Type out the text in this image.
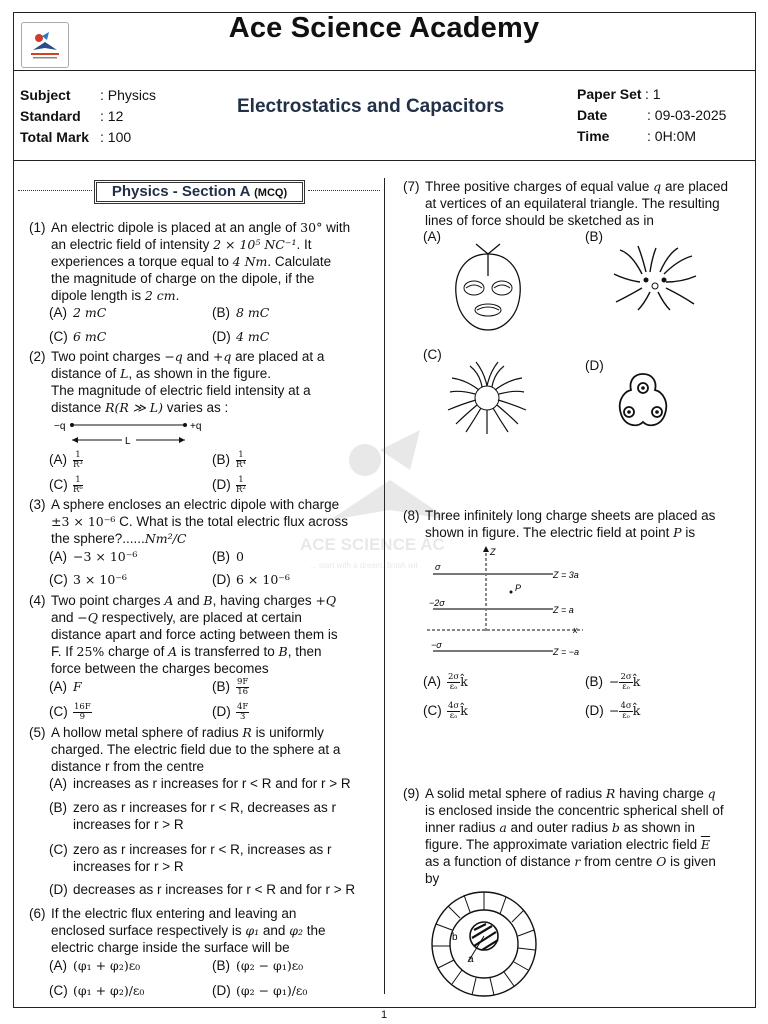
Ace Science Academy
Subject : Physics
Standard : 12
Total Mark : 100
Electrostatics and Capacitors
Paper Set : 1
Date	: 09-03-2025
Time	: 0H:0M
ACE SCIENCE AC
... start with a dream, finish wit
Physics - Section A (MCQ)
(1) An electric dipole is placed at an angle of 30° with
an electric field of intensity 2 × 10⁵ NC⁻¹. It
experiences a torque equal to 4 Nm. Calculate
the magnitude of charge on the dipole, if the
dipole length is 2 cm.
(A) 2 mC	(B) 8 mC
(C) 6 mC	(D) 4 mC
(2) Two point charges −q and +q are placed at a
distance of L, as shown in the figure.
The magnitude of electric field intensity at a
distance R(R ≫ L) varies as :
−q	+q
L
$(A) \frac{1}{\text{R³}}$	$(B) \frac{1}{\text{R⁴}}$
$(C) \frac{1}{\text{R⁶}}$	$(D) \frac{1}{\text{R²}}$
(3) A sphere encloses an electric dipole with charge
±3 × 10⁻⁶ C. What is the total electric flux across
the sphere?......Nm²/C
(A) −3 × 10⁻⁶	(B) 0
(C) 3 × 10⁻⁶	(D) 6 × 10⁻⁶
(4) Two point charges A and B, having charges +Q
and −Q respectively, are placed at certain
distance apart and force acting between them is
F. If 25% charge of A is transferred to B, then
force between the charges becomes
(A) F	$(B) \frac{9F}{16}$
$(C) \frac{16F}{9}$	$(D) \frac{4F}{3}$
(5) A hollow metal sphere of radius R is uniformly
charged. The electric field due to the sphere at a
distance r from the centre
(A) increases as r increases for r < R and for r > R
(B) zero as r increases for r < R, decreases as r
increases for r > R
(C) zero as r increases for r < R, increases as r
increases for r > R
(D) decreases as r increases for r < R and for r > R
(6) If the electric flux entering and leaving an
enclosed surface respectively is φ₁ and φ₂ the
electric charge inside the surface will be
(A) (φ₁ + φ₂)ε₀	(B) (φ₂ − φ₁)ε₀
(C) (φ₁ + φ₂)/ε₀	(D) (φ₂ − φ₁)/ε₀
(7) Three positive charges of equal value q are placed
at vertices of an equilateral triangle. The resulting
lines of force should be sketched as in
(A)	(B)
(C)
(D)
(8) Three infinitely long charge sheets are placed as
shown in figure. The electric field at point P is
Z
σ
Z = 3a
P
−2σ
Z = a
x
−σ
Z = −a
$(A) \frac{2\sigma}{\text{εₒ}}$ k̂	$(B) - \frac{2\sigma}{\text{εₒ}}$ k̂
$(C) \frac{4\sigma}{\text{εₒ}}$ k̂	$(D) - \frac{4\sigma}{\text{εₒ}}$ k̂
(9) A solid metal sphere of radius R having charge q
is enclosed inside the concentric spherical shell of
inner radius a and outer radius b as shown in
figure. The approximate variation electric field $\overline{E}$
as a function of distance r from centre O is given
by
b
a
1
